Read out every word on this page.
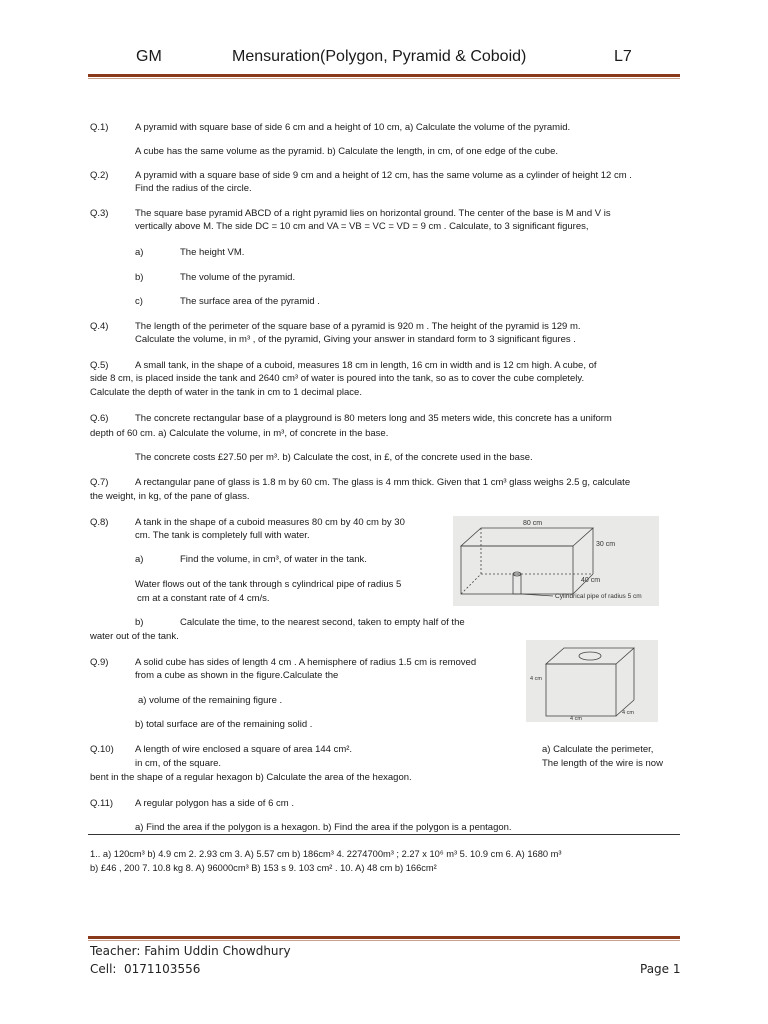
GM	Mensuration(Polygon, Pyramid & Coboid)	L7
Q.1)	A pyramid with square base of side 6 cm and a height of 10 cm, a) Calculate the volume of the pyramid.
A cube has the same volume as the pyramid. b) Calculate the length, in cm, of one edge of the cube.
Q.2)	A pyramid with a square base of side 9 cm and a height of 12 cm, has the same volume as a cylinder of height 12 cm .
Find the radius of the circle.
Q.3)	The square base pyramid ABCD of a right pyramid lies on horizontal ground. The center of the base is M and V is
vertically above M. The side DC = 10 cm and VA = VB = VC = VD = 9 cm . Calculate, to 3 significant figures,
a)	The height VM.
b)	The volume of the pyramid.
c)	The surface area of the pyramid .
Q.4)	The length of the perimeter of the square base of a pyramid is 920 m . The height of the pyramid is 129 m.
Calculate the volume, in m³ , of the pyramid, Giving your answer in standard form to 3 significant figures .
Q.5)	A small tank, in the shape of a cuboid, measures 18 cm in length, 16 cm in width and is 12 cm high. A cube, of
side 8 cm, is placed inside the tank and 2640 cm³ of water is poured into the tank, so as to cover the cube completely.
Calculate the depth of water in the tank in cm to 1 decimal place.
Q.6)	The concrete rectangular base of a playground is 80 meters long and 35 meters wide, this concrete has a uniform
depth of 60 cm. a) Calculate the volume, in m³, of concrete in the base.
The concrete costs £27.50 per m³. b) Calculate the cost, in £, of the concrete used in the base.
Q.7)	A rectangular pane of glass is 1.8 m by 60 cm. The glass is 4 mm thick. Given that 1 cm³ glass weighs 2.5 g, calculate
the weight, in kg, of the pane of glass.
Q.8)	A tank in the shape of a cuboid measures 80 cm by 40 cm by 30
cm. The tank is completely full with water.
a)	Find the volume, in cm³, of water in the tank.
Water flows out of the tank through s cylindrical pipe of radius 5
cm at a constant rate of 4 cm/s.
b)	Calculate the time, to the nearest second, taken to empty half of the
water out of the tank.
80 cm
30 cm
40 cm
Cylindrical pipe of radius 5 cm
Q.9)	A solid cube has sides of length 4 cm . A hemisphere of radius 1.5 cm is removed
from a cube as shown in the figure.Calculate the
a) volume of the remaining figure .
b) total surface are of the remaining solid .
4 cm
4 cm
4 cm
Q.10) A length of wire enclosed a square of area 144 cm².	a) Calculate the perimeter,
in cm, of the square.	The length of the wire is now
bent in the shape of a regular hexagon b) Calculate the area of the hexagon.
Q.11) A regular polygon has a side of 6 cm .
a) Find the area if the polygon is a hexagon. b) Find the area if the polygon is a pentagon.
1.. a) 120cm³ b) 4.9 cm 2. 2.93 cm 3. A) 5.57 cm b) 186cm³ 4. 2274700m³ ; 2.27 x 10⁶ m³ 5. 10.9 cm 6. A) 1680 m³
b) £46 , 200 7. 10.8 kg 8. A) 96000cm³ B) 153 s 9. 103 cm² . 10. A) 48 cm b) 166cm²
Teacher: Fahim Uddin Chowdhury
Cell: 0171103556	Page 1
